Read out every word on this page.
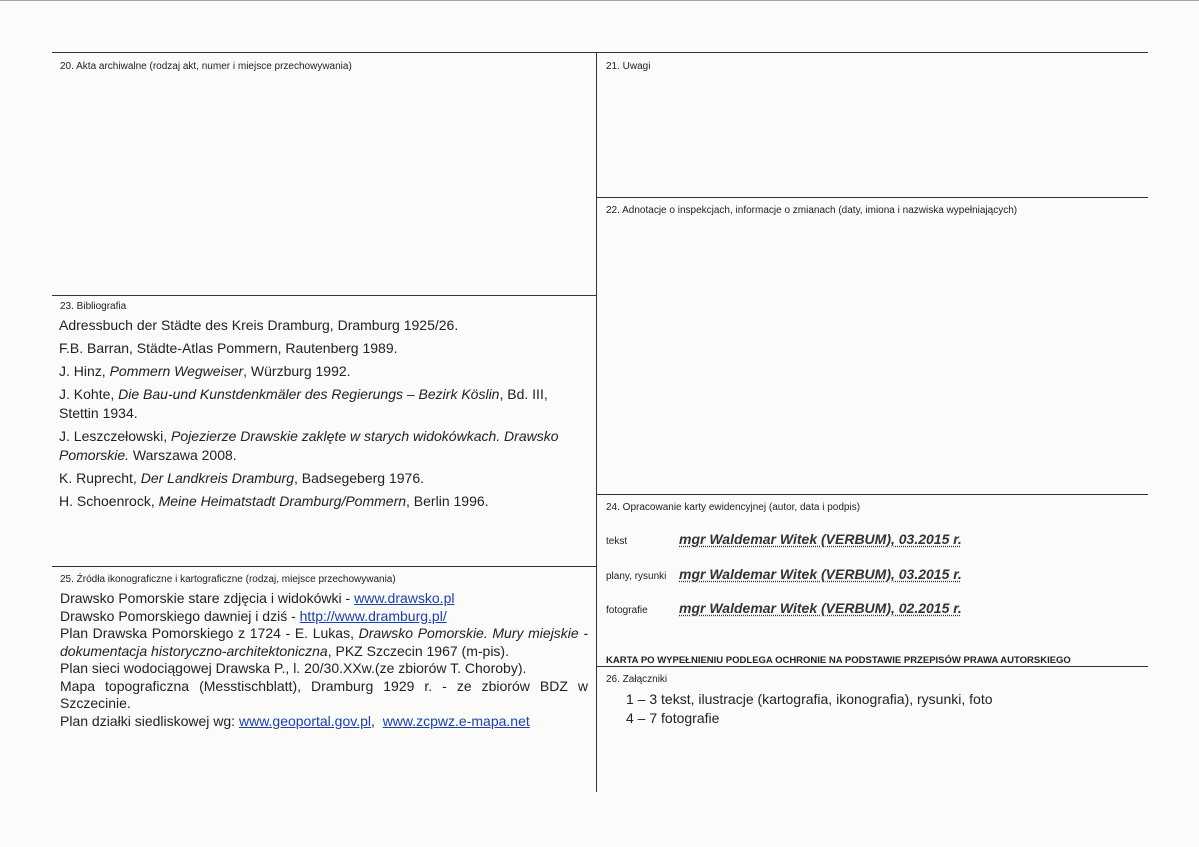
20. Akta archiwalne (rodzaj akt, numer i miejsce przechowywania)	21. Uwagi
22. Adnotacje o inspekcjach, informacje o zmianach (daty, imiona i nazwiska wypełniających)
23. Bibliografia
Adressbuch der Städte des Kreis Dramburg, Dramburg 1925/26.
F.B. Barran, Städte-Atlas Pommern, Rautenberg 1989.
J. Hinz, Pommern Wegweiser, Würzburg 1992.
J. Kohte, Die Bau-und Kunstdenkmäler des Regierungs – Bezirk Köslin, Bd. III, Stettin 1934.
J. Leszczełowski, Pojezierze Drawskie zaklęte w starych widokówkach. Drawsko Pomorskie. Warszawa 2008.
K. Ruprecht, Der Landkreis Dramburg, Badsegeberg 1976.
H. Schoenrock, Meine Heimatstadt Dramburg/Pommern, Berlin 1996.	24. Opracowanie karty ewidencyjnej (autor, data i podpis)
tekst	mgr Waldemar Witek (VERBUM), 03.2015 r.
plany, rysunki mgr Waldemar Witek (VERBUM), 03.2015 r.
fotografie mgr Waldemar Witek (VERBUM), 02.2015 r.
KARTA PO WYPEŁNIENIU PODLEGA OCHRONIE NA PODSTAWIE PRZEPISÓW PRAWA AUTORSKIEGO
26. Załączniki
1 – 3 tekst, ilustracje (kartografia, ikonografia), rysunki, foto
4 – 7 fotografie
25. Źródła ikonograficzne i kartograficzne (rodzaj, miejsce przechowywania)
Drawsko Pomorskie stare zdjęcia i widokówki - www.drawsko.pl
Drawsko Pomorskiego dawniej i dziś - http://www.dramburg.pl/
Plan Drawska Pomorskiego z 1724 - E. Lukas, Drawsko Pomorskie. Mury miejskie - dokumentacja historyczno-architektoniczna, PKZ Szczecin 1967 (m-pis).
Plan sieci wodociągowej Drawska P., l. 20/30.XXw.(ze zbiorów T. Choroby).
Mapa topograficzna (Messtischblatt), Dramburg 1929 r. - ze zbiorów BDZ w Szczecinie.
Plan działki siedliskowej wg: www.geoportal.gov.pl,  www.zcpwz.e-mapa.net
